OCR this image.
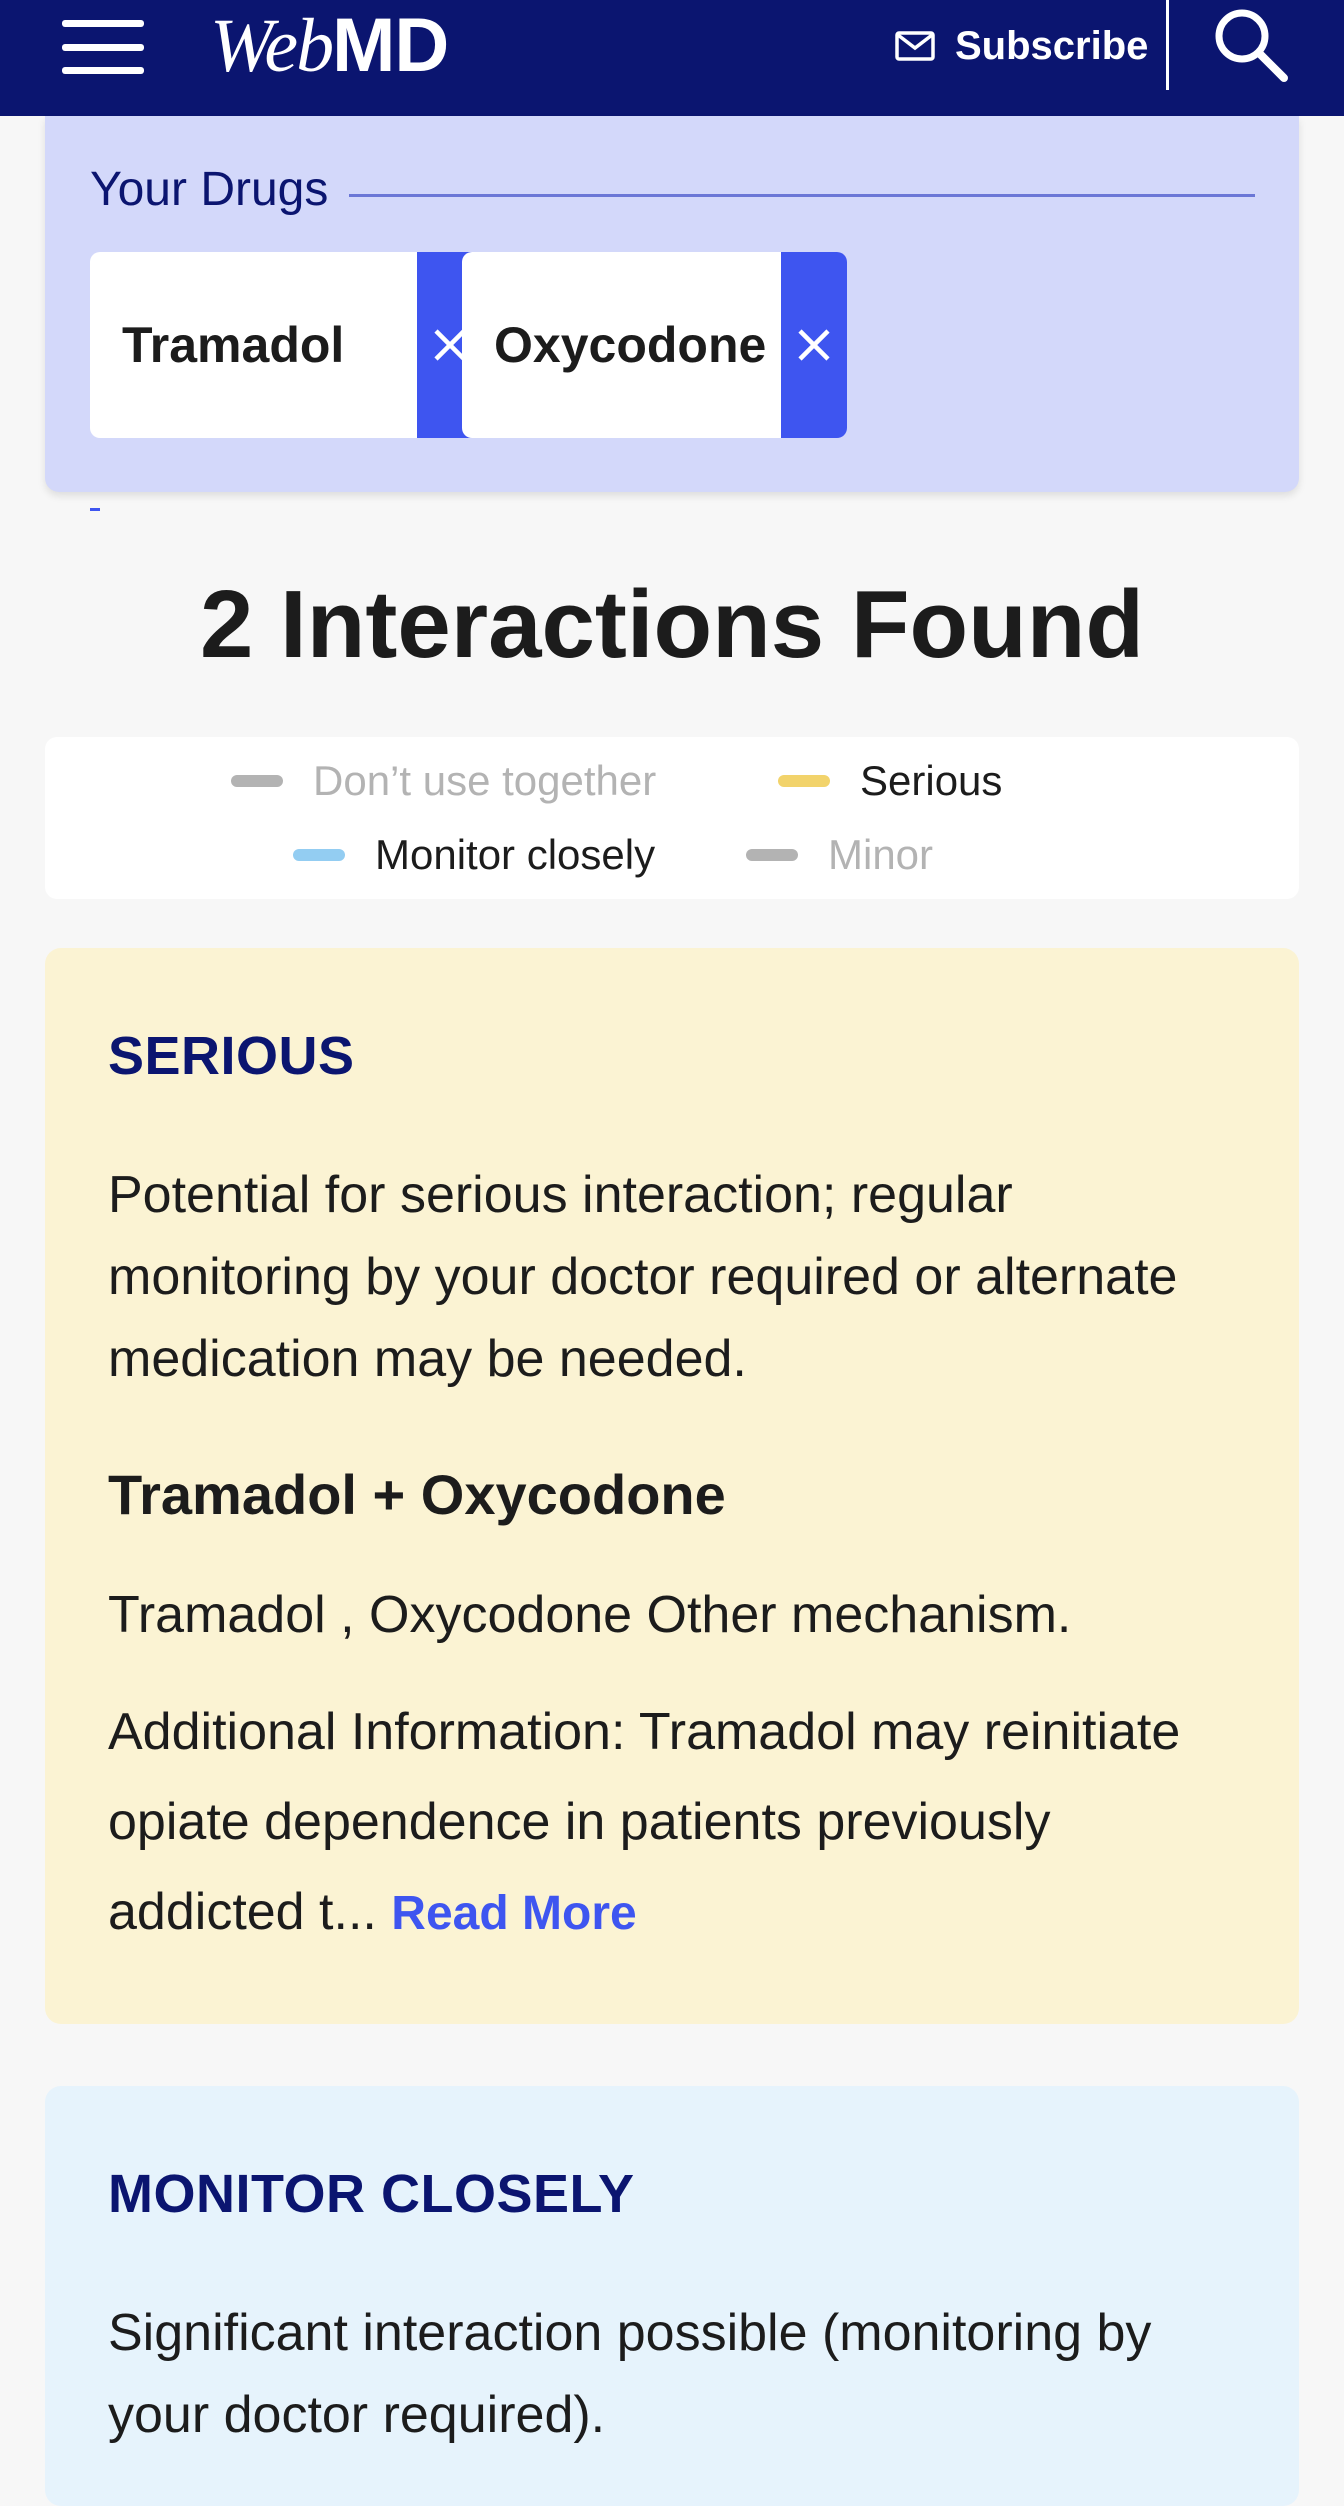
WebMD	Subscribe
Your Drugs
Tramadol	Oxycodone
2 Interactions Found
Don’t use together	Serious
Monitor closely	Minor
SERIOUS

Potential for serious interaction; regular monitoring by your doctor required or alternate medication may be needed.

Tramadol + Oxycodone

Tramadol , Oxycodone Other mechanism.

Additional Information: Tramadol may reinitiate opiate dependence in patients previously addicted t... Read More

MONITOR CLOSELY

Significant interaction possible (monitoring by your doctor required).
